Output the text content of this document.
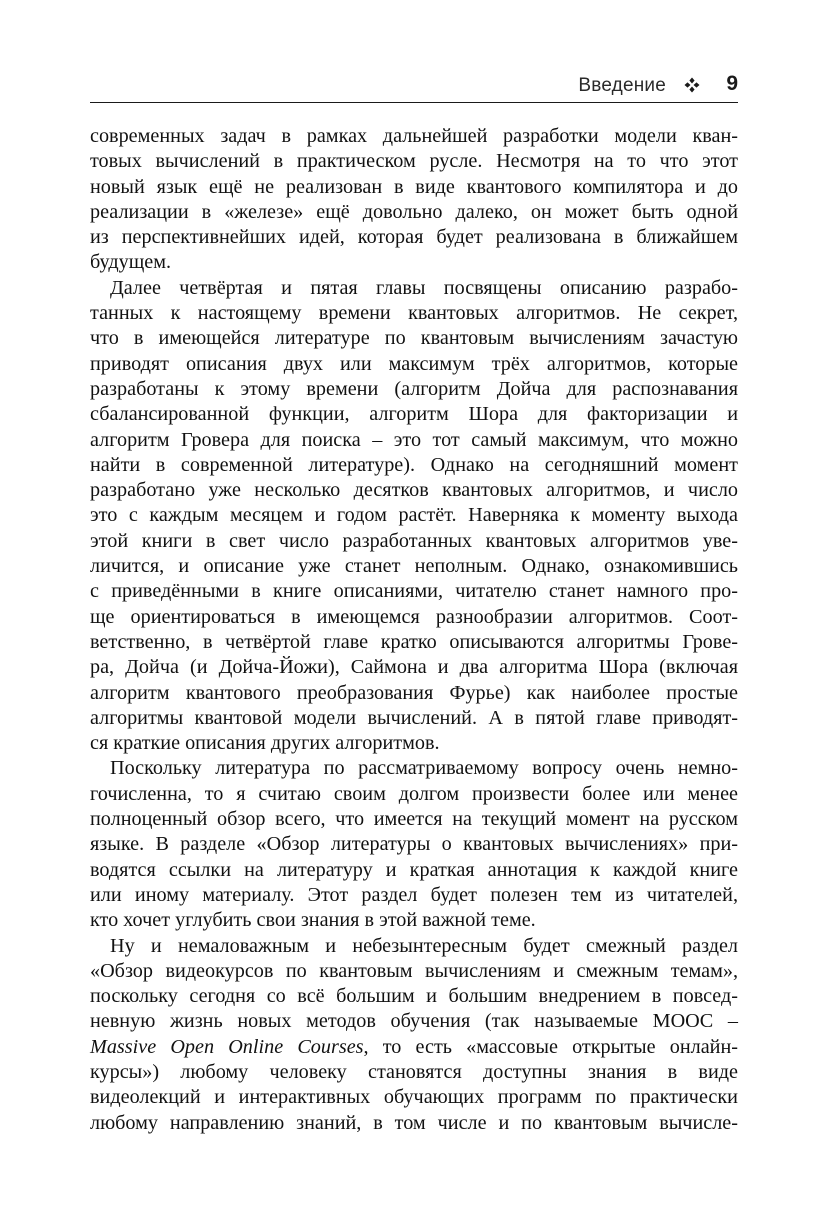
Введение	9
современных задач в рамках дальнейшей разработки модели кван-
товых вычислений в практическом русле. Несмотря на то что этот
новый язык ещё не реализован в виде квантового компилятора и до
реализации в «железе» ещё довольно далеко, он может быть одной
из перспективнейших идей, которая будет реализована в ближайшем
будущем.
Далее четвёртая и пятая главы посвящены описанию разрабо-
танных к настоящему времени квантовых алгоритмов. Не секрет,
что в имеющейся литературе по квантовым вычислениям зачастую
приводят описания двух или максимум трёх алгоритмов, которые
разработаны к этому времени (алгоритм Дойча для распознавания
сбалансированной функции, алгоритм Шора для факторизации и
алгоритм Гровера для поиска – это тот самый максимум, что можно
найти в современной литературе). Однако на сегодняшний момент
разработано уже несколько десятков квантовых алгоритмов, и число
это с каждым месяцем и годом растёт. Наверняка к моменту выхода
этой книги в свет число разработанных квантовых алгоритмов уве-
личится, и описание уже станет неполным. Однако, ознакомившись
с приведёнными в книге описаниями, читателю станет намного про-
ще ориентироваться в имеющемся разнообразии алгоритмов. Соот-
ветственно, в четвёртой главе кратко описываются алгоритмы Грове-
ра, Дойча (и Дойча-Йожи), Саймона и два алгоритма Шора (включая
алгоритм квантового преобразования Фурье) как наиболее простые
алгоритмы квантовой модели вычислений. А в пятой главе приводят-
ся краткие описания других алгоритмов.
Поскольку литература по рассматриваемому вопросу очень немно-
гочисленна, то я считаю своим долгом произвести более или менее
полноценный обзор всего, что имеется на текущий момент на русском
языке. В разделе «Обзор литературы о квантовых вычислениях» при-
водятся ссылки на литературу и краткая аннотация к каждой книге
или иному материалу. Этот раздел будет полезен тем из читателей,
кто хочет углубить свои знания в этой важной теме.
Ну и немаловажным и небезынтересным будет смежный раздел
«Обзор видеокурсов по квантовым вычислениям и смежным темам»,
поскольку сегодня со всё большим и большим внедрением в повсед-
невную жизнь новых методов обучения (так называемые MOOC –
Massive Open Online Courses, то есть «массовые открытые онлайн-
курсы») любому человеку становятся доступны знания в виде
видеолекций и интерактивных обучающих программ по практически
любому направлению знаний, в том числе и по квантовым вычисле-
